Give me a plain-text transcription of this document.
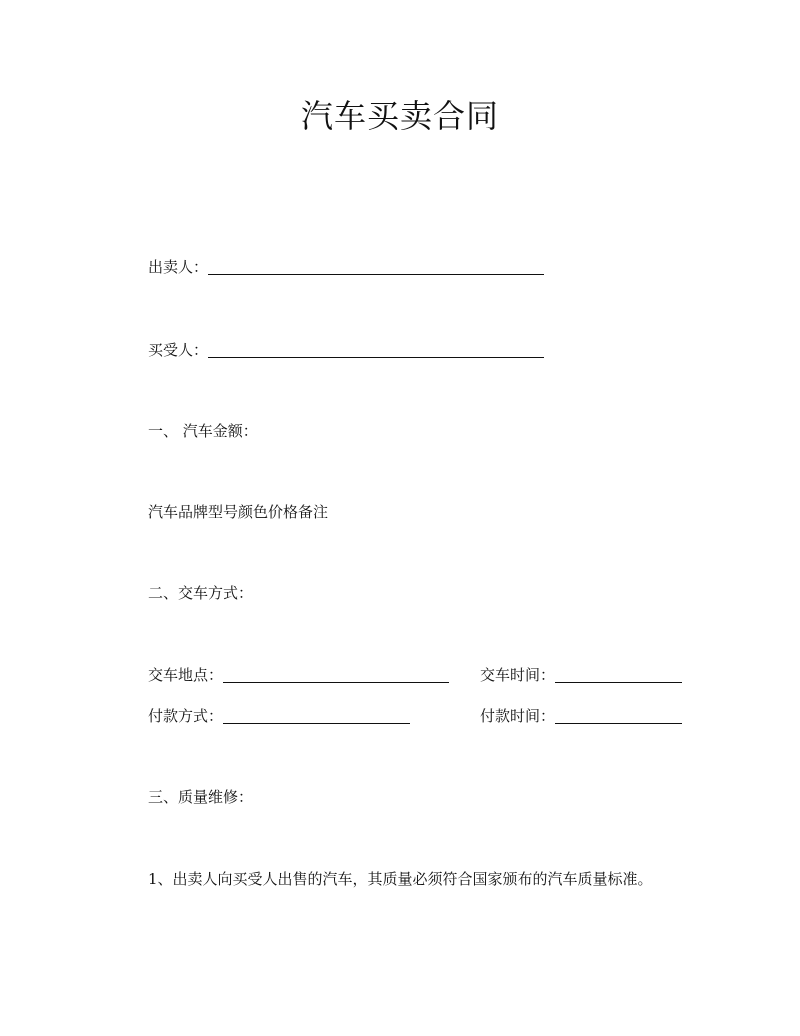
汽车买卖合同
出卖人：
买受人：
一、 汽车金额：
汽车品牌型号颜色价格备注
二、交车方式：
交车地点：	交车时间：
付款方式：	付款时间：
三、质量维修：
1、出卖人向买受人出售的汽车，其质量必须符合国家颁布的汽车质量标准。
